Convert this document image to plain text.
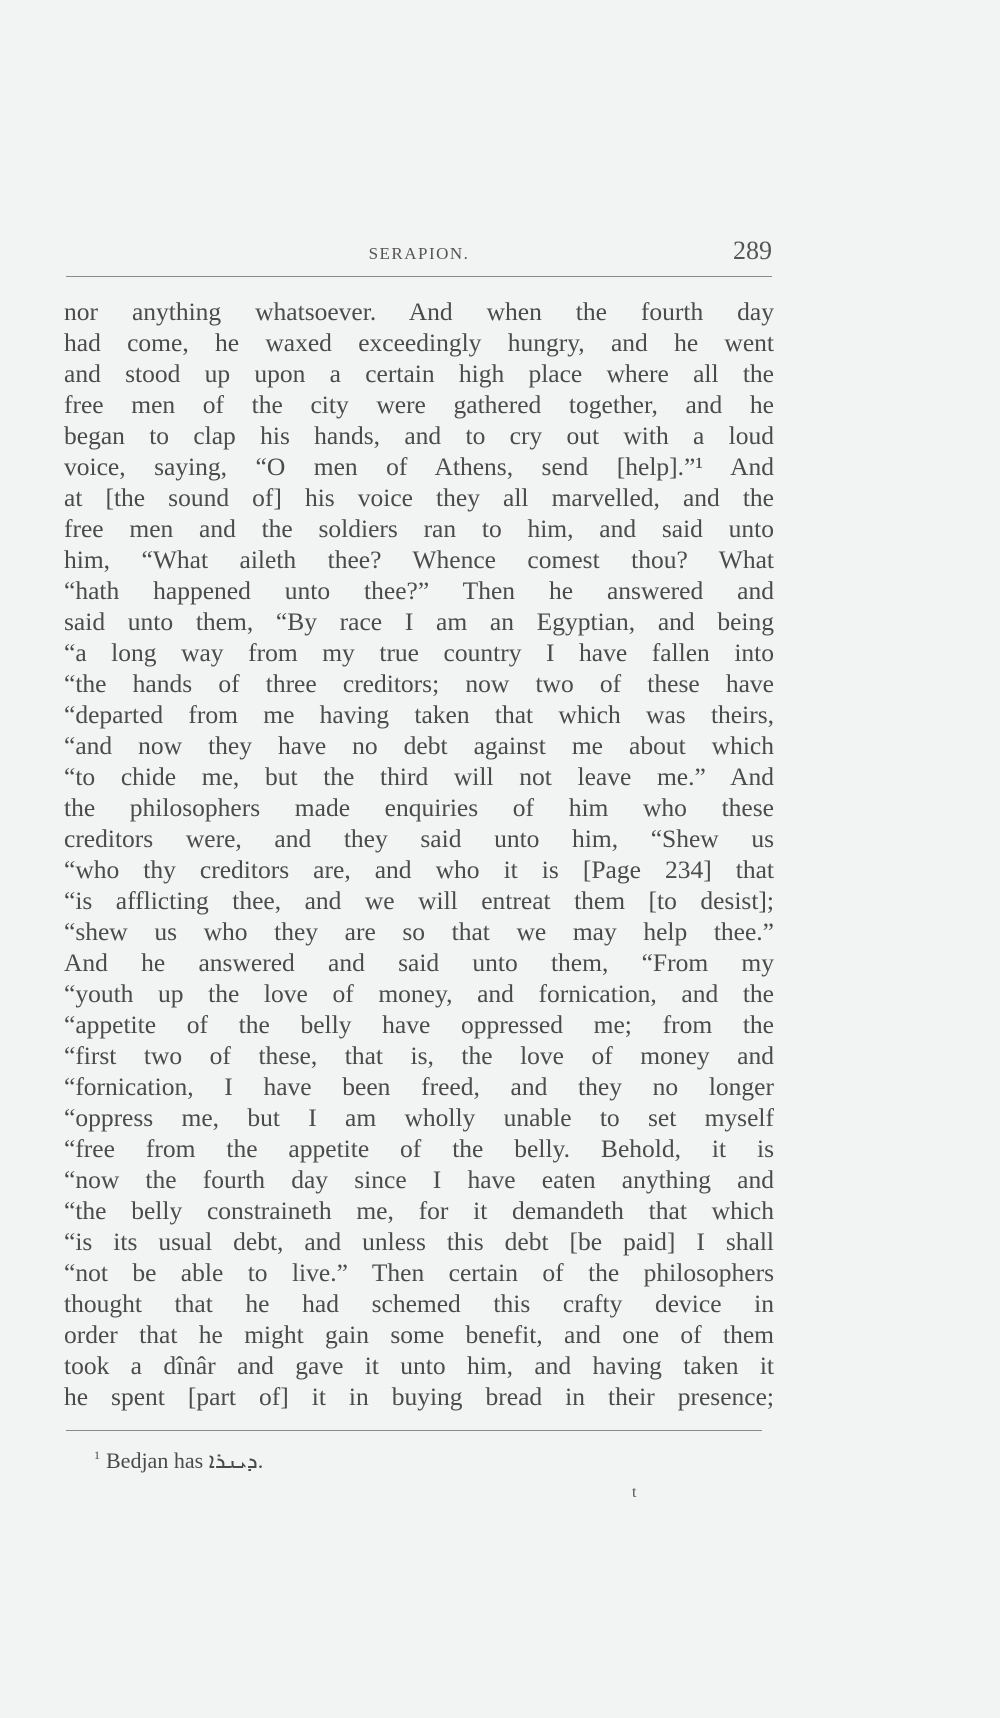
SERAPION.	289
nor anything whatsoever. And when the fourth day
had come, he waxed exceedingly hungry, and he went
and stood up upon a certain high place where all the
free men of the city were gathered together, and he
began to clap his hands, and to cry out with a loud
voice, saying, “O men of Athens, send [help].”¹ And
at [the sound of] his voice they all marvelled, and the
free men and the soldiers ran to him, and said unto
him, “What aileth thee? Whence comest thou? What
“hath happened unto thee?” Then he answered and
said unto them, “By race I am an Egyptian, and being
“a long way from my true country I have fallen into
“the hands of three creditors; now two of these have
“departed from me having taken that which was theirs,
“and now they have no debt against me about which
“to chide me, but the third will not leave me.” And
the philosophers made enquiries of him who these
creditors were, and they said unto him, “Shew us
“who thy creditors are, and who it is [Page 234] that
“is afflicting thee, and we will entreat them [to desist];
“shew us who they are so that we may help thee.”
And he answered and said unto them, “From my
“youth up the love of money, and fornication, and the
“appetite of the belly have oppressed me; from the
“first two of these, that is, the love of money and
“fornication, I have been freed, and they no longer
“oppress me, but I am wholly unable to set myself
“free from the appetite of the belly. Behold, it is
“now the fourth day since I have eaten anything and
“the belly constraineth me, for it demandeth that which
“is its usual debt, and unless this debt [be paid] I shall
“not be able to live.” Then certain of the philosophers
thought that he had schemed this crafty device in
order that he might gain some benefit, and one of them
took a dînâr and gave it unto him, and having taken it
he spent [part of] it in buying bread in their presence;
$^1$ Bedjan has ܕܝܢܪܐ.
t
